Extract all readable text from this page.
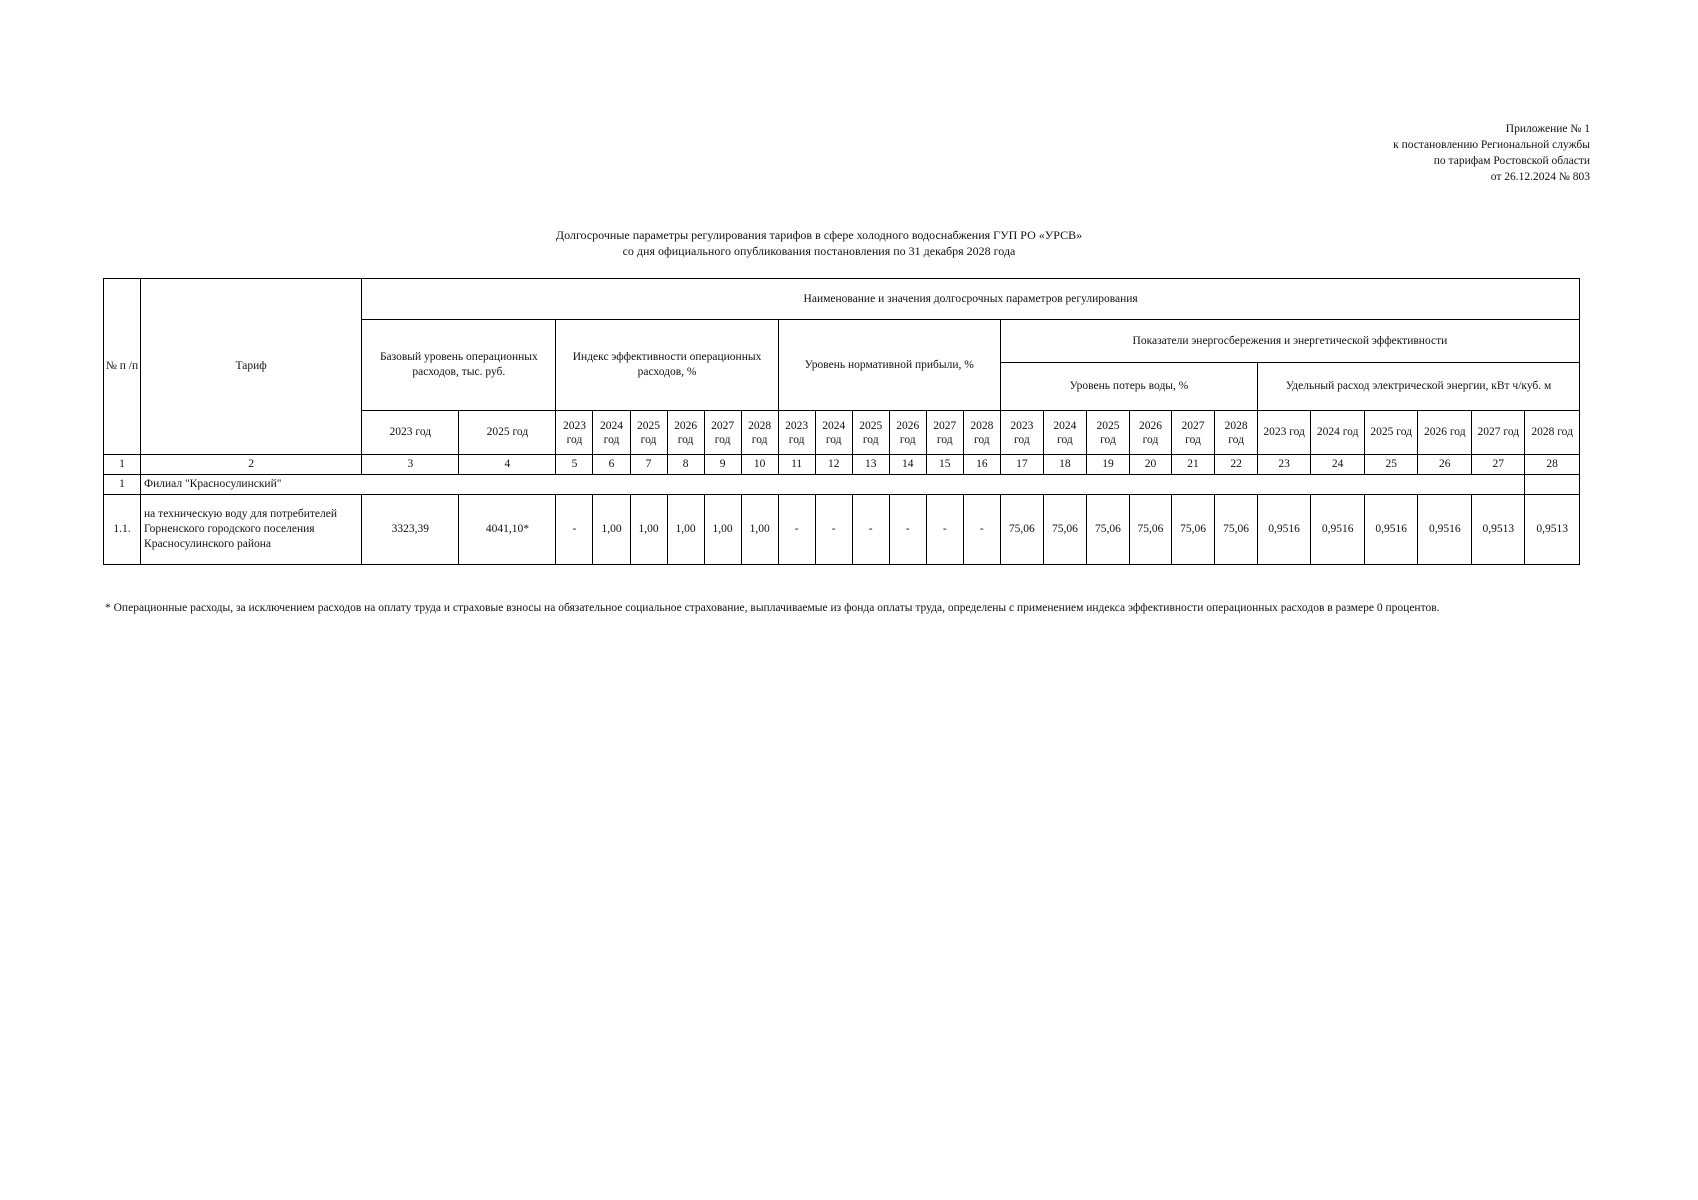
Приложение № 1
к постановлению Региональной службы
по тарифам Ростовской области
от 26.12.2024 № 803
Долгосрочные параметры регулирования тарифов в сфере холодного водоснабжения ГУП РО «УРСВ»
со дня официального опубликования постановления по 31 декабря 2028 года
№ п /п	Тариф	Наименование и значения долгосрочных параметров регулирования																									
		Базовый уровень операционных расходов, тыс. руб.		Индекс эффективности операционных расходов, %						Уровень нормативной прибыли, %						Показатели энергосбережения и энергетической эффективности											
																Уровень потерь воды, %						Удельный расход электрической энергии, кВт ч/куб. м					
		2023 год	2025 год	2023 год	2024 год	2025 год	2026 год	2027 год	2028 год	2023 год	2024 год	2025 год	2026 год	2027 год	2028 год	2023 год	2024 год	2025 год	2026 год	2027 год	2028 год	2023 год	2024 год	2025 год	2026 год	2027 год	2028 год
1	2	3	4	5	6	7	8	9	10	11	12	13	14	15	16	17	18	19	20	21	22	23	24	25	26	27	28
1	Филиал "Красносулинский"																										
1.1.	на техническую воду для потребителей Горненского городского поселения Красносулинского района	3323,39	4041,10*	-	1,00	1,00	1,00	1,00	1,00	-	-	-	-	-	-	75,06	75,06	75,06	75,06	75,06	75,06	0,9516	0,9516	0,9516	0,9516	0,9513	0,9513
* Операционные расходы, за исключением расходов на оплату труда и страховые взносы на обязательное социальное страхование, выплачиваемые из фонда оплаты труда, определены с применением индекса эффективности операционных расходов в размере 0 процентов.
